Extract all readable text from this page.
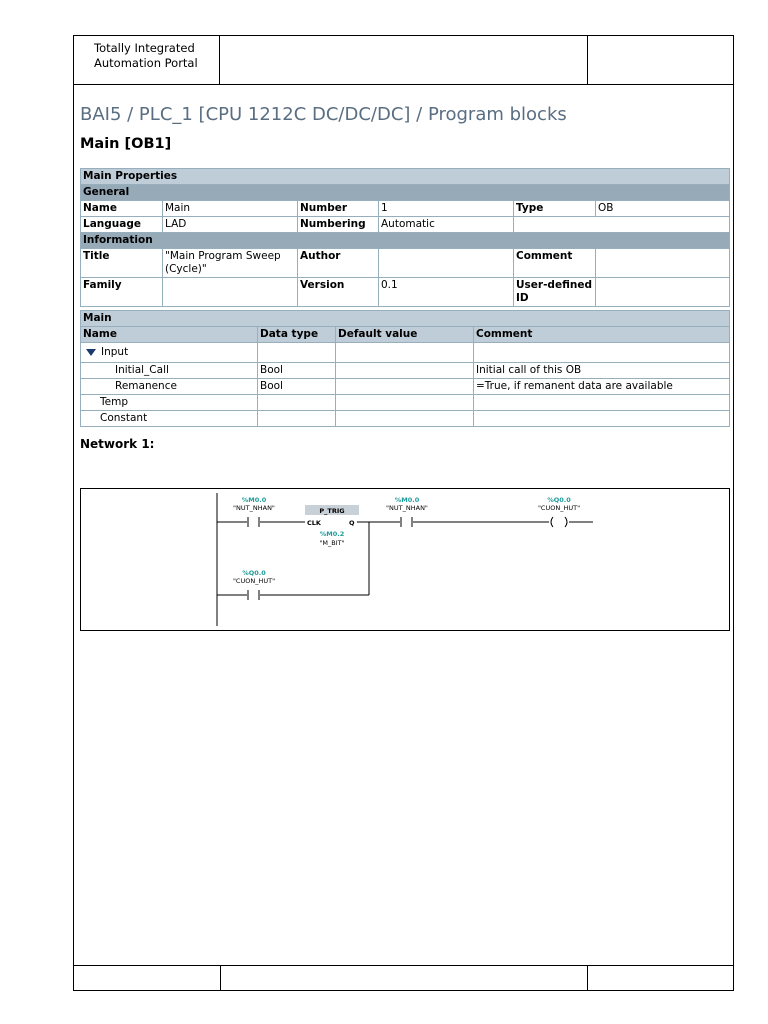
Totally Integrated
Automation Portal
BAI5 / PLC_1 [CPU 1212C DC/DC/DC] / Program blocks
Main [OB1]
Main Properties					
General					
Name	Main	Number	1	Type	OB
Language	LAD	Numbering	Automatic		
Information					
Title	"Main Program Sweep (Cycle)"	Author		Comment	
Family		Version	0.1	User-defined ID	
Main			
Name	Data type	Default value	Comment
Input			
Initial_Call	Bool		Initial call of this OB
Remanence	Bool		=True, if remanent data are available
Temp			
Constant			
Network 1:
%M0.0
"NUT_NHAN"	P_TRIG
CLK	Q
%M0.2
"M_BIT"
%M0.0
"NUT_NHAN"
%Q0.0
"CUON_HUT"
%Q0.0
"CUON_HUT"
